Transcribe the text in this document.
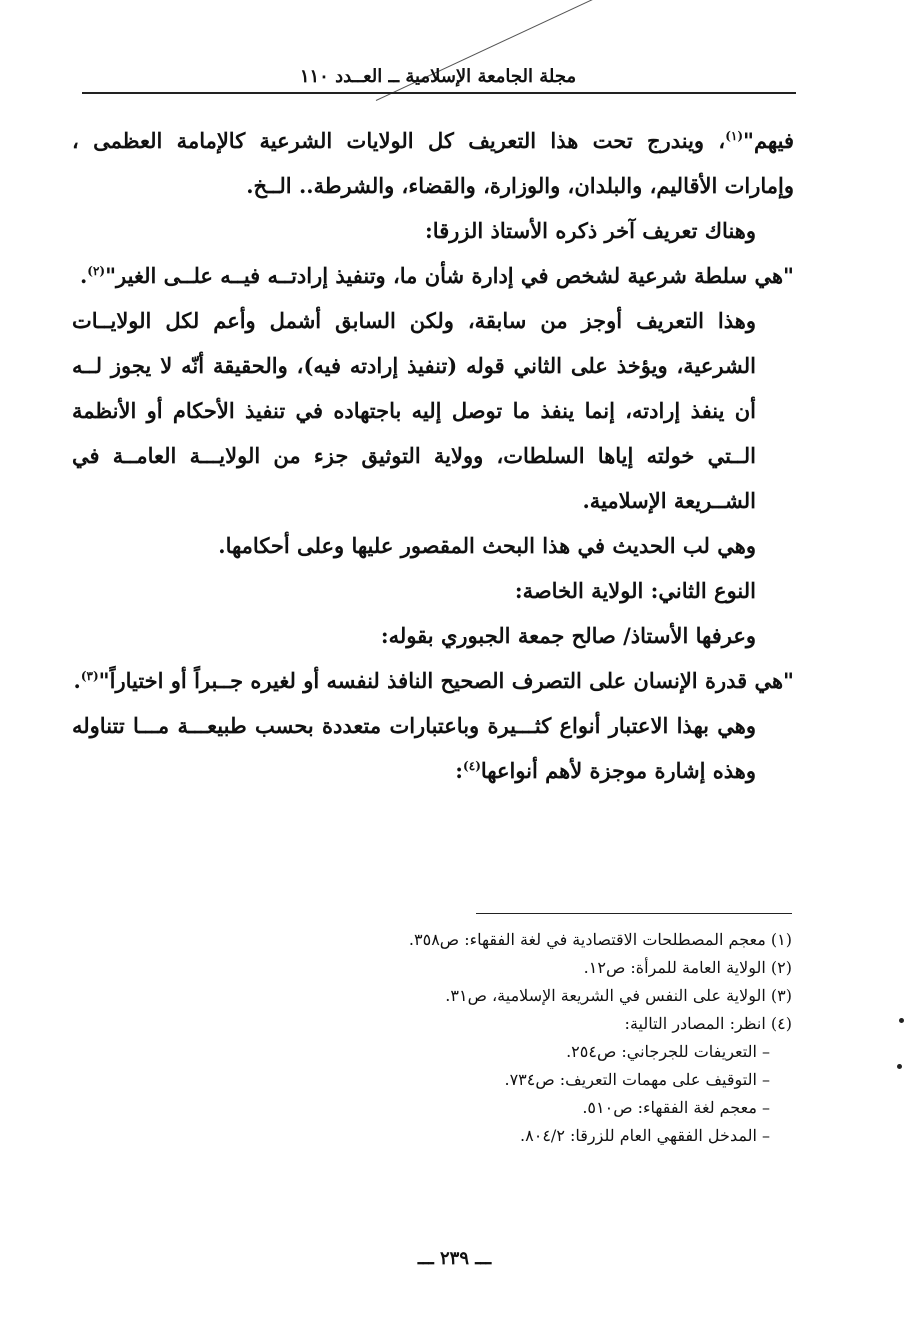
مجلة الجامعة الإسلامية ــ العــدد ١١٠

فيهم"$^{(١)}$، ويندرج تحت هذا التعريف كل الولايات الشرعية كالإمامة العظمى ، وإمارات الأقاليم، والبلدان، والوزارة، والقضاء، والشرطة.. الــخ.

وهناك تعريف آخر ذكره الأستاذ الزرقا:

"هي سلطة شرعية لشخص في إدارة شأن ما، وتنفيذ إرادتــه فيــه علــى الغير"$^{(٢)}$.

وهذا التعريف أوجز من سابقة، ولكن السابق أشمل وأعم لكل الولايــات الشرعية، ويؤخذ على الثاني قوله (تنفيذ إرادته فيه)، والحقيقة أنّه لا يجوز لــه أن ينفذ إرادته، إنما ينفذ ما توصل إليه باجتهاده في تنفيذ الأحكام أو الأنظمة الــتي خولته إياها السلطات، وولاية التوثيق جزء من الولايـــة العامــة في الشــريعة الإسلامية.

وهي لب الحديث في هذا البحث المقصور عليها وعلى أحكامها.

النوع الثاني: الولاية الخاصة:

وعرفها الأستاذ/ صالح جمعة الجبوري بقوله:

"هي قدرة الإنسان على التصرف الصحيح النافذ لنفسه أو لغيره جــبراً أو اختياراً"$^{(٣)}$.

وهي بهذا الاعتبار أنواع كثـــيرة وباعتبارات متعددة بحسب طبيعـــة مـــا تتناوله وهذه إشارة موجزة لأهم أنواعها$^{(٤)}$:

(١) معجم المصطلحات الاقتصادية في لغة الفقهاء: ص٣٥٨.

(٢) الولاية العامة للمرأة: ص١٢.

(٣) الولاية على النفس في الشريعة الإسلامية، ص٣١.

(٤) انظر: المصادر التالية:

– التعريفات للجرجاني: ص٢٥٤.

– التوقيف على مهمات التعريف: ص٧٣٤.

– معجم لغة الفقهاء: ص٥١٠.

– المدخل الفقهي العام للزرقا: ٨٠٤/٢.

ـــ ٢٣٩ ـــ
